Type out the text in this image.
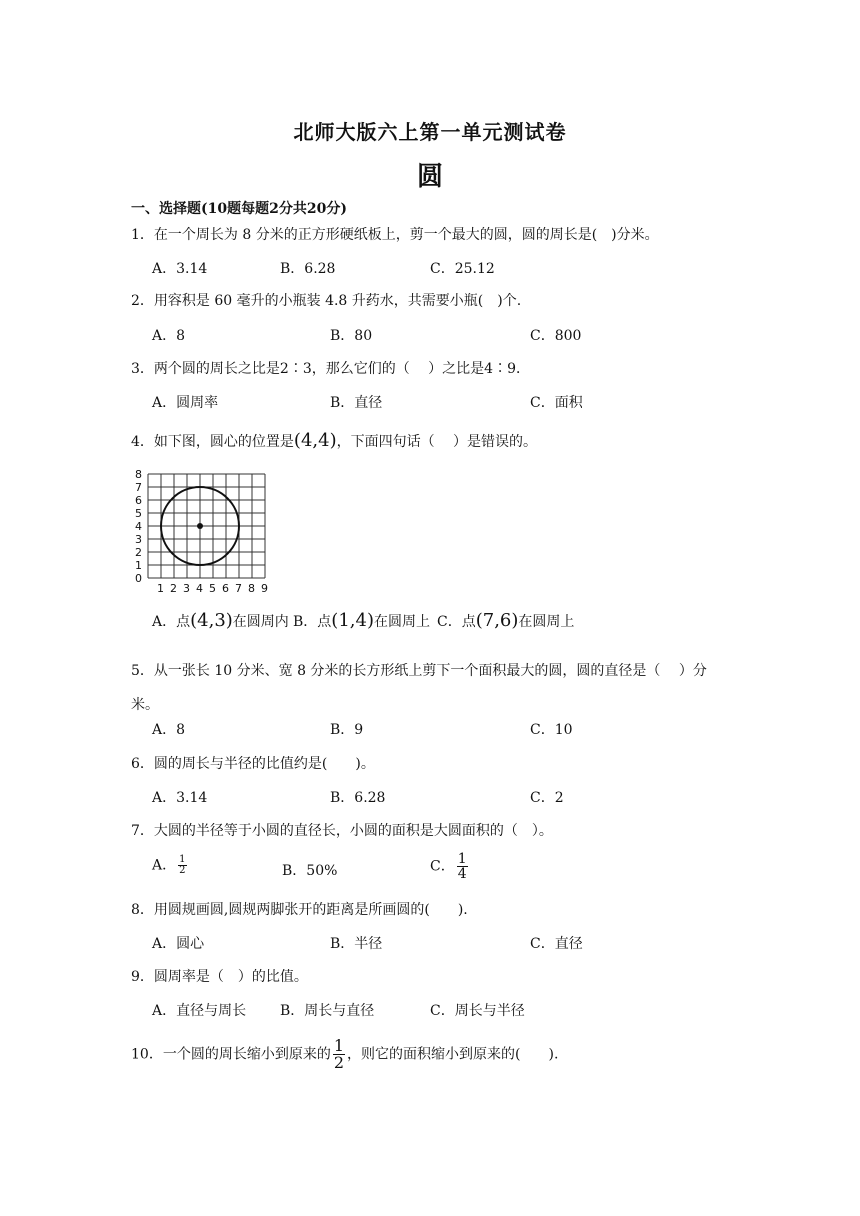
北师大版六上第一单元测试卷
圆
一、选择题(10题每题2分共20分)
1．在一个周长为 8 分米的正方形硬纸板上，剪一个最大的圆，圆的周长是(　)分米。
A．3.14	B．6.28	C．25.12
2．用容积是 60 毫升的小瓶装 4.8 升药水，共需要小瓶(　)个.
A．8	B．80	C．800
3．两个圆的周长之比是2∶3，那么它们的（　 ）之比是4∶9．
A．圆周率	B．直径	C．面积
4．如下图，圆心的位置是(4,4)，下面四句话（　 ）是错误的。
1 2 3 4 5 6 7 8 9
0
1
2
3
4
5
6
7
8
A．点(4,3)在圆周内 B．点(1,4)在圆周上 C．点(7,6)在圆周上
5．从一张长 10 分米、宽 8 分米的长方形纸上剪下一个面积最大的圆，圆的直径是（　 ）分米。
A．8	B．9	C．10
6．圆的周长与半径的比值约是(　　)。
A．3.14	B．6.28	C．2
7．大圆的半径等于小圆的直径长，小圆的面积是大圆面积的（　）。
A． $\frac{1}{2}$	B．50%	C． $\frac{1}{4}$
8．用圆规画圆,圆规两脚张开的距离是所画圆的(　　).
A．圆心	B．半径	C．直径
9．圆周率是（　）的比值。
A．直径与周长 B．周长与直径	C．周长与半径
10．一个圆的周长缩小到原来的 $\frac{1}{2}$ ，则它的面积缩小到原来的(　　).
